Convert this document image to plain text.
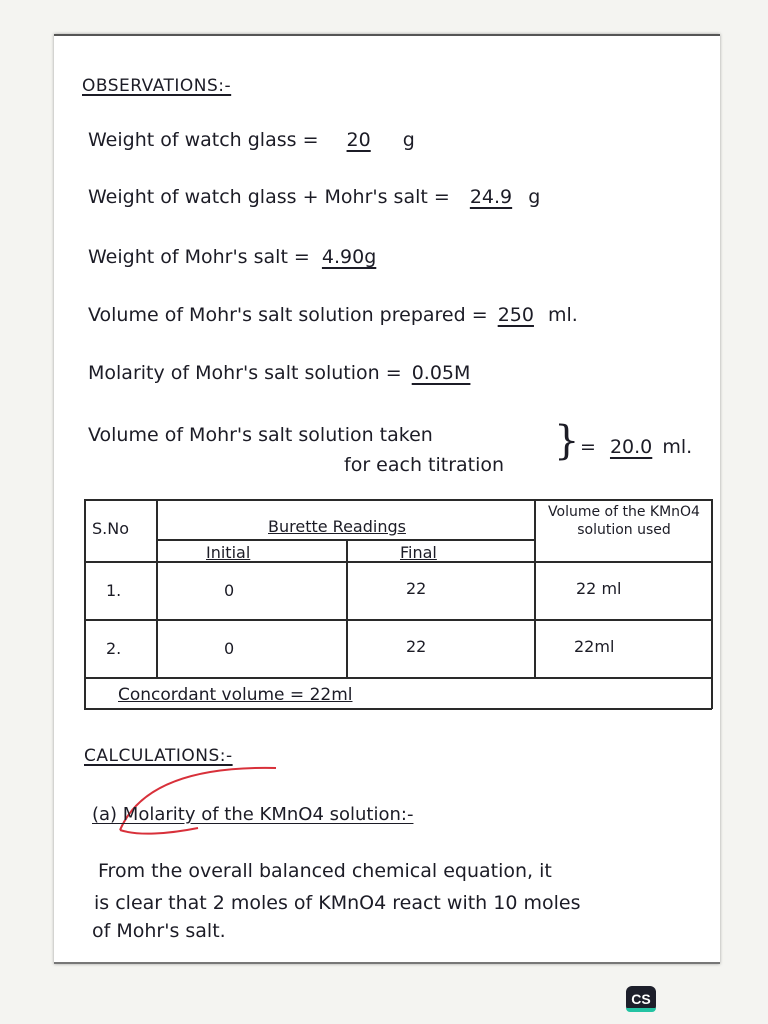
OBSERVATIONS:-
Weight of watch glass = 20 g
Weight of watch glass + Mohr's salt = 24.9 g
Weight of Mohr's salt = 4.90g
Volume of Mohr's salt solution prepared = 250 ml.
Molarity of Mohr's salt solution = 0.05M
Volume of Mohr's salt solution taken
for each titration
} = 20.0 ml.
S.No	Burette Readings
Initial	Final
Volume of the KMnO4 solution used
1.	0	22	22 ml
2.	0	22	22ml
Concordant volume = 22ml
CALCULATIONS:-
(a) Molarity of the KMnO4 solution:-
From the overall balanced chemical equation, it
is clear that 2 moles of KMnO4 react with 10 moles
of Mohr's salt.
CS
